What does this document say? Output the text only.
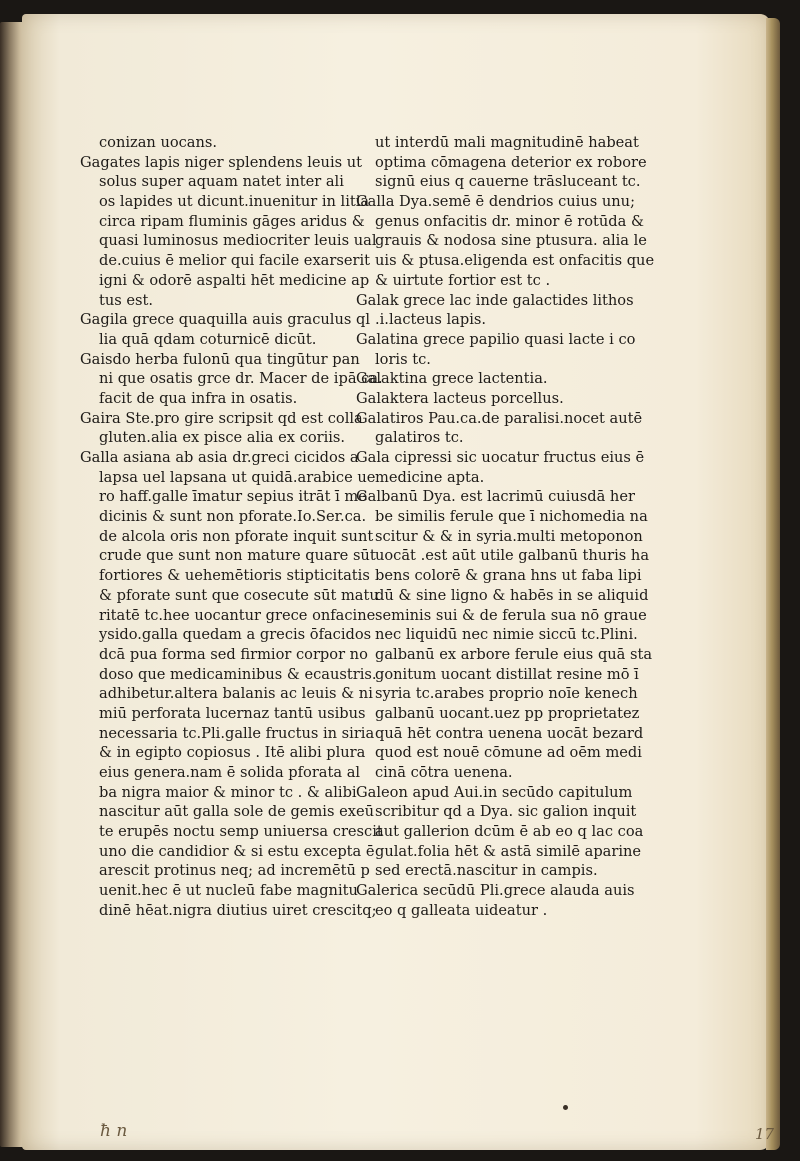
conizan uocans.
Gagates lapis niger splendens leuis ut
solus super aquam natet inter ali
os lapides ut dicunt.inuenitur in litia
circa ripam fluminis gāges aridus &
quasi luminosus mediocriter leuis ual
de.cuius ē melior qui facile exarserit
igni & odorē aspalti hēt medicine ap
tus est.
Gagila grece quaquilla auis graculus ql
lia quā qdam coturnicē dicūt.
Gaisdo herba fulonū qua tingūtur pan
ni que osatis grce dr. Macer de ipā ca.
facit de qua infra in osatis.
Gaira Ste.pro gire scripsit qd est colla
gluten.alia ex pisce alia ex coriis.
Galla asiana ab asia dr.greci cicidos a
lapsa uel lapsana ut quidā.arabice ue
ro haff.galle īmatur sepius itrāt ī me
dicinis & sunt non pforate.Io.Ser.ca.
de alcola oris non pforate inquit sunt
crude que sunt non mature quare sūt
fortiores & uehemētioris stipticitatis
& pforate sunt que cosecute sūt matu
ritatē tc.hee uocantur grece onfacine
ysido.galla quedam a grecis ōfacidos
dcā pua forma sed firmior corpor no
doso que medicaminibus & ecaustris.
adhibetur.altera balanis ac leuis & ni
miū perforata lucernaz tantū usibus
necessaria tc.Pli.galle fructus in siria
& in egipto copiosus . Itē alibi plura
eius genera.nam ē solida pforata al
ba nigra maior & minor tc . & alibi
nascitur aūt galla sole de gemis exeū
te erupēs noctu semp uniuersa crescit
uno die candidior & si estu excepta ē
arescit protinus neq; ad incremētū p
uenit.hec ē ut nucleū fabe magnitu
dinē hēat.nigra diutius uiret crescitq;
ut interdū mali magnitudinē habeat
optima cōmagena deterior ex robore
signū eius q cauerne trāsluceant tc.
Galla Dya.semē ē dendrios cuius unu;
genus onfacitis dr. minor ē rotūda &
grauis & nodosa sine ptusura. alia le
uis & ptusa.eligenda est onfacitis que
& uirtute fortior est tc .
Galak grece lac inde galactides lithos
.i.lacteus lapis.
Galatina grece papilio quasi lacte i co
loris tc.
Galaktina grece lactentia.
Galaktera lacteus porcellus.
Galatiros Pau.ca.de paralisi.nocet autē
galatiros tc.
Gala cipressi sic uocatur fructus eius ē
medicine apta.
Galbanū Dya. est lacrimū cuiusdā her
be similis ferule que ī nichomedia na
scitur & & in syria.multi metoponon
uocāt .est aūt utile galbanū thuris ha
bens colorē & grana hns ut faba lipi
dū & sine ligno & habēs in se aliquid
seminis sui & de ferula sua nō graue
nec liquidū nec nimie siccū tc.Plini.
galbanū ex arbore ferule eius quā sta
gonitum uocant distillat resine mō ī
syria tc.arabes proprio noīe kenech
galbanū uocant.uez pp proprietatez
quā hēt contra uenena uocāt bezard
quod est nouē cōmune ad oēm medi
cinā cōtra uenena.
Galeon apud Aui.in secūdo capitulum
scribitur qd a Dya. sic galion inquit
aut gallerion dcūm ē ab eo q lac coa
gulat.folia hēt & astā similē aparine
sed erectā.nascitur in campis.
Galerica secūdū Pli.grece alauda auis
eo q galleata uideatur .
ħ n	17
